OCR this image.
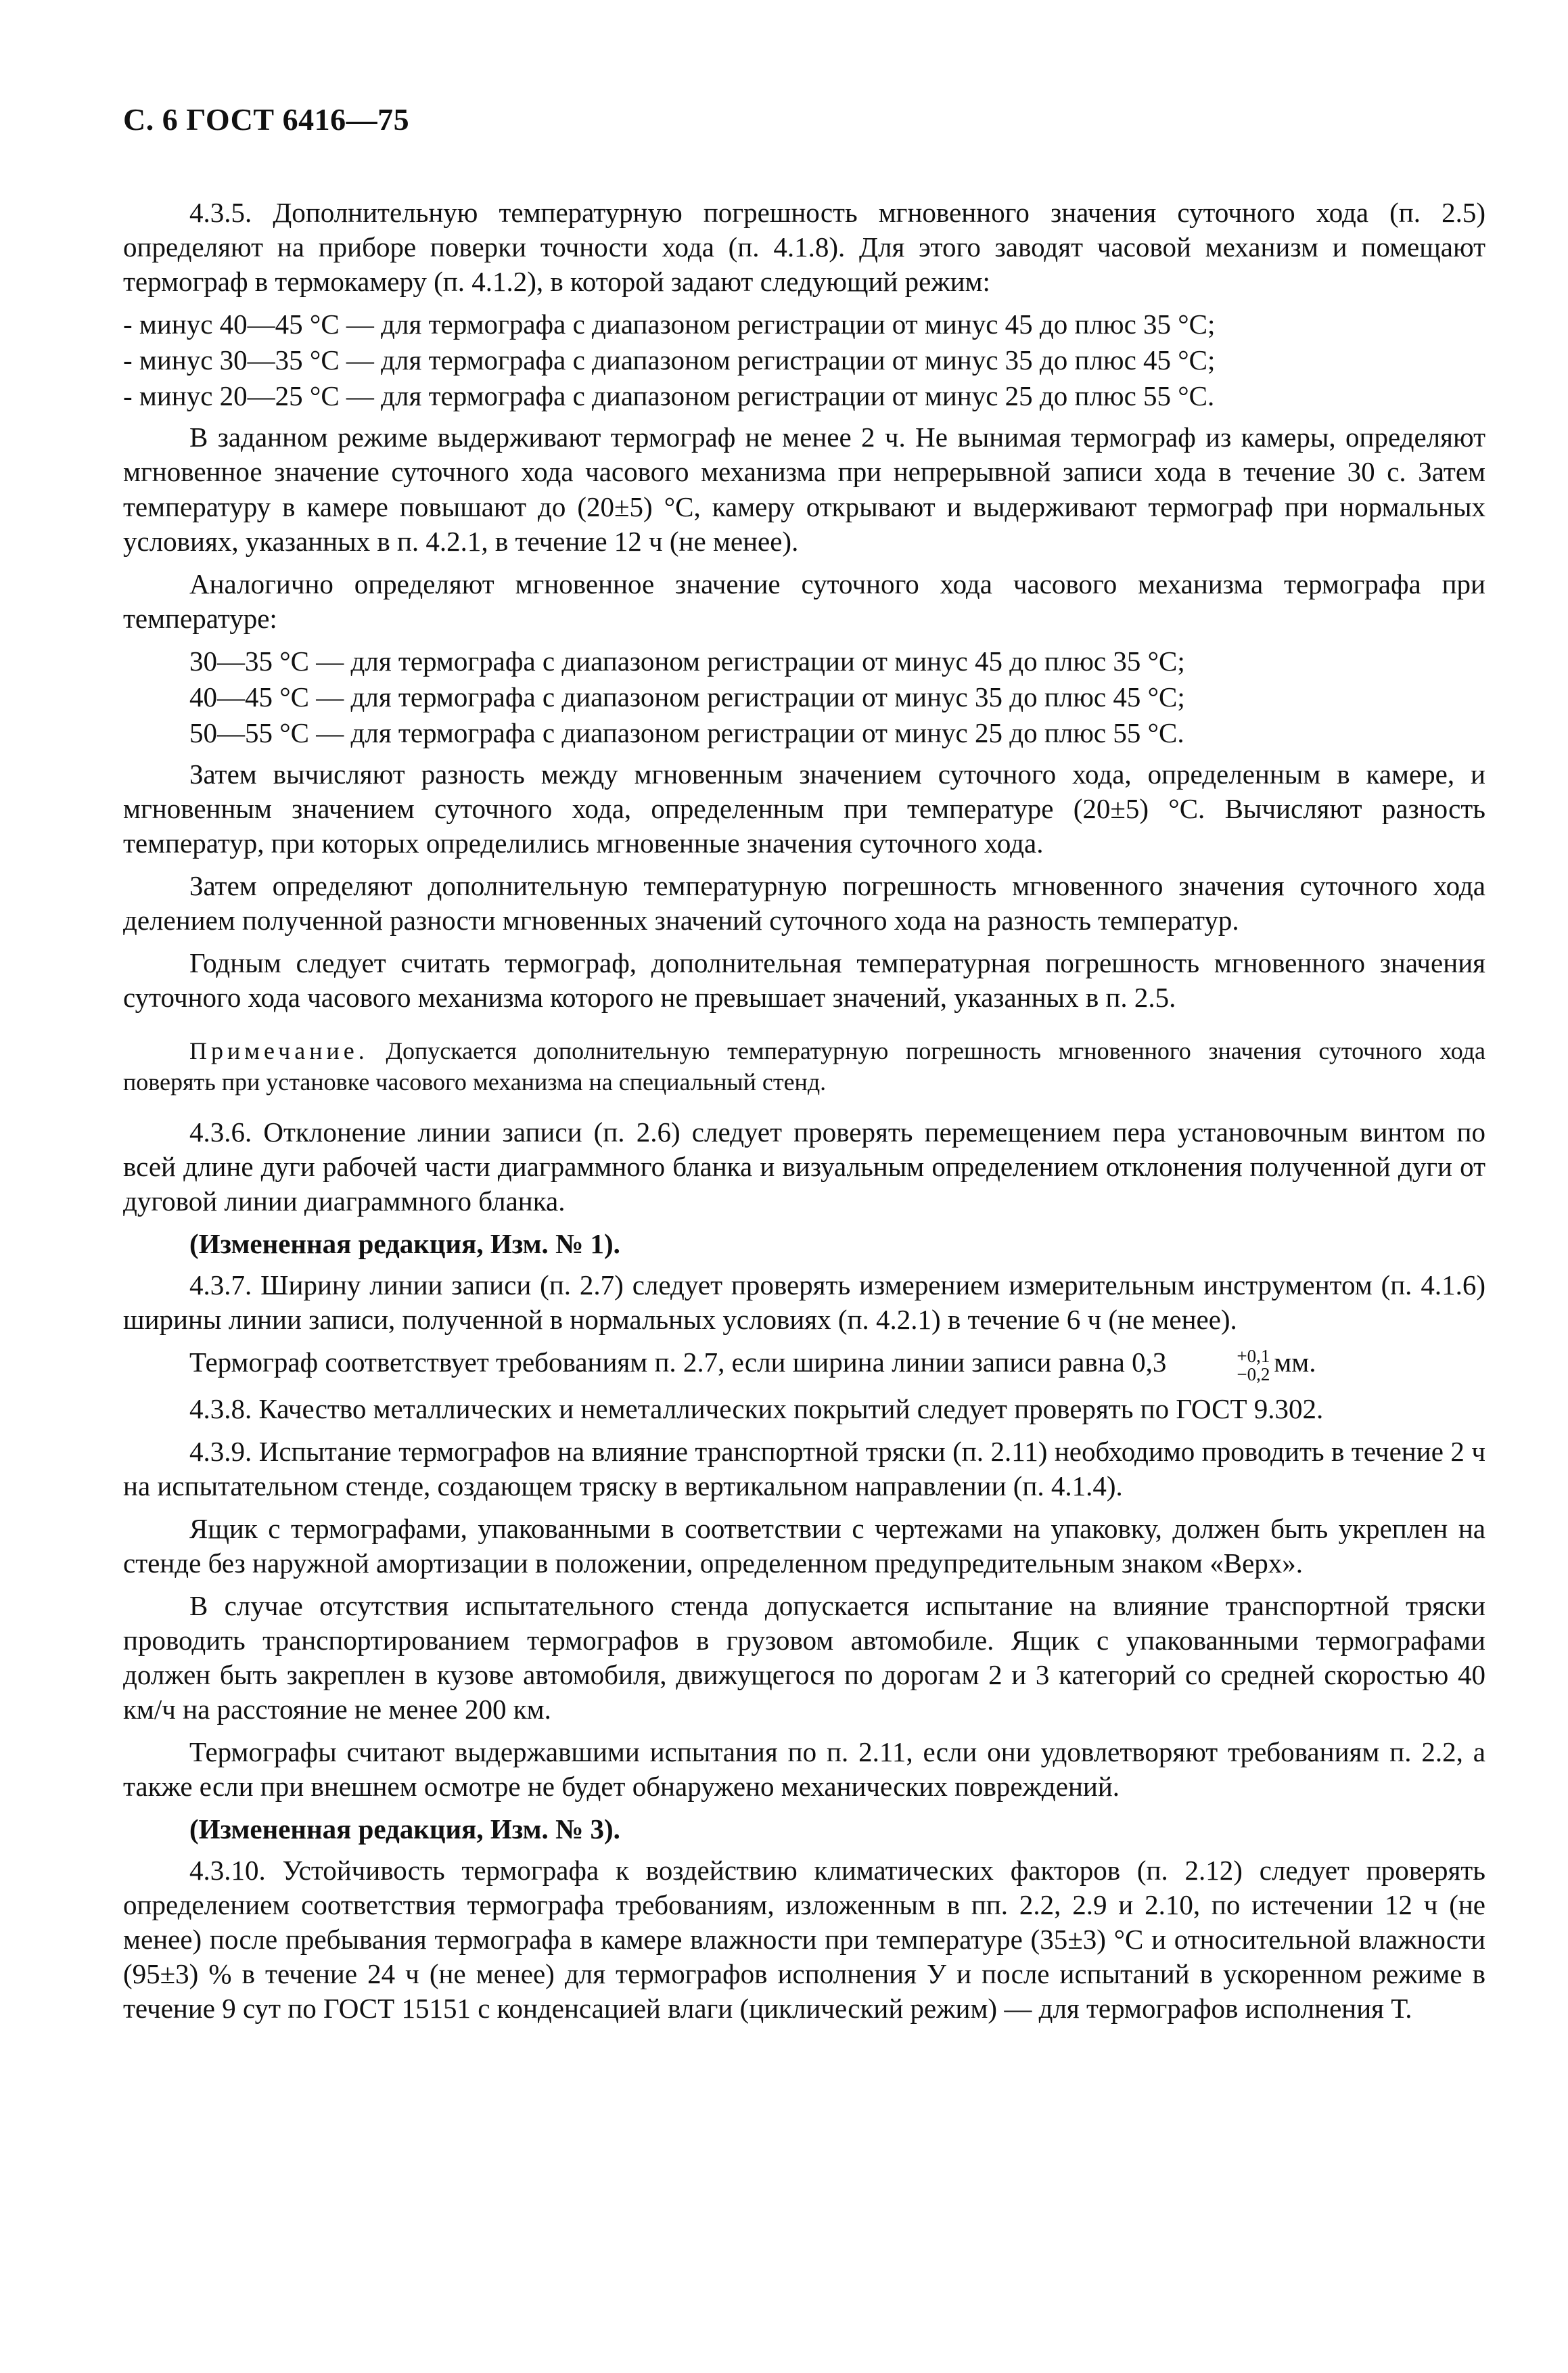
С. 6 ГОСТ 6416—75

4.3.5. Дополнительную температурную погрешность мгновенного значения суточного хода (п. 2.5) определяют на приборе поверки точности хода (п. 4.1.8). Для этого заводят часовой механизм и помещают термограф в термокамеру (п. 4.1.2), в которой задают следующий режим:

- минус 40—45 °С — для термографа с диапазоном регистрации от минус 45 до плюс 35 °С;
- минус 30—35 °С — для термографа с диапазоном регистрации от минус 35 до плюс 45 °С;
- минус 20—25 °С — для термографа с диапазоном регистрации от минус 25 до плюс 55 °С.

В заданном режиме выдерживают термограф не менее 2 ч. Не вынимая термограф из камеры, определяют мгновенное значение суточного хода часового механизма при непрерывной записи хода в течение 30 с. Затем температуру в камере повышают до (20±5) °С, камеру открывают и выдерживают термограф при нормальных условиях, указанных в п. 4.2.1, в течение 12 ч (не менее).

Аналогично определяют мгновенное значение суточного хода часового механизма термографа при температуре:

30—35 °С — для термографа с диапазоном регистрации от минус 45 до плюс 35 °С;
40—45 °С — для термографа с диапазоном регистрации от минус 35 до плюс 45 °С;
50—55 °С — для термографа с диапазоном регистрации от минус 25 до плюс 55 °С.

Затем вычисляют разность между мгновенным значением суточного хода, определенным в камере, и мгновенным значением суточного хода, определенным при температуре (20±5) °С. Вычисляют разность температур, при которых определились мгновенные значения суточного хода.

Затем определяют дополнительную температурную погрешность мгновенного значения суточного хода делением полученной разности мгновенных значений суточного хода на разность температур.

Годным следует считать термограф, дополнительная температурная погрешность мгновенного значения суточного хода часового механизма которого не превышает значений, указанных в п. 2.5.

Примечание. Допускается дополнительную температурную погрешность мгновенного значения суточного хода поверять при установке часового механизма на специальный стенд.

4.3.6. Отклонение линии записи (п. 2.6) следует проверять перемещением пера установочным винтом по всей длине дуги рабочей части диаграммного бланка и визуальным определением отклонения полученной дуги от дуговой линии диаграммного бланка.

(Измененная редакция, Изм. № 1).

4.3.7. Ширину линии записи (п. 2.7) следует проверять измерением измерительным инструментом (п. 4.1.6) ширины линии записи, полученной в нормальных условиях (п. 4.2.1) в течение 6 ч (не менее).

Термограф соответствует требованиям п. 2.7, если ширина линии записи равна 0,3	+0,1
−0,2 мм.

4.3.8. Качество металлических и неметаллических покрытий следует проверять по ГОСТ 9.302.

4.3.9. Испытание термографов на влияние транспортной тряски (п. 2.11) необходимо проводить в течение 2 ч на испытательном стенде, создающем тряску в вертикальном направлении (п. 4.1.4).

Ящик с термографами, упакованными в соответствии с чертежами на упаковку, должен быть укреплен на стенде без наружной амортизации в положении, определенном предупредительным знаком «Верх».

В случае отсутствия испытательного стенда допускается испытание на влияние транспортной тряски проводить транспортированием термографов в грузовом автомобиле. Ящик с упакованными термографами должен быть закреплен в кузове автомобиля, движущегося по дорогам 2 и 3 категорий со средней скоростью 40 км/ч на расстояние не менее 200 км.

Термографы считают выдержавшими испытания по п. 2.11, если они удовлетворяют требованиям п. 2.2, а также если при внешнем осмотре не будет обнаружено механических повреждений.

(Измененная редакция, Изм. № 3).

4.3.10. Устойчивость термографа к воздействию климатических факторов (п. 2.12) следует проверять определением соответствия термографа требованиям, изложенным в пп. 2.2, 2.9 и 2.10, по истечении 12 ч (не менее) после пребывания термографа в камере влажности при температуре (35±3) °С и относительной влажности (95±3) % в течение 24 ч (не менее) для термографов исполнения У и после испытаний в ускоренном режиме в течение 9 сут по ГОСТ 15151 с конденсацией влаги (циклический режим) — для термографов исполнения Т.
